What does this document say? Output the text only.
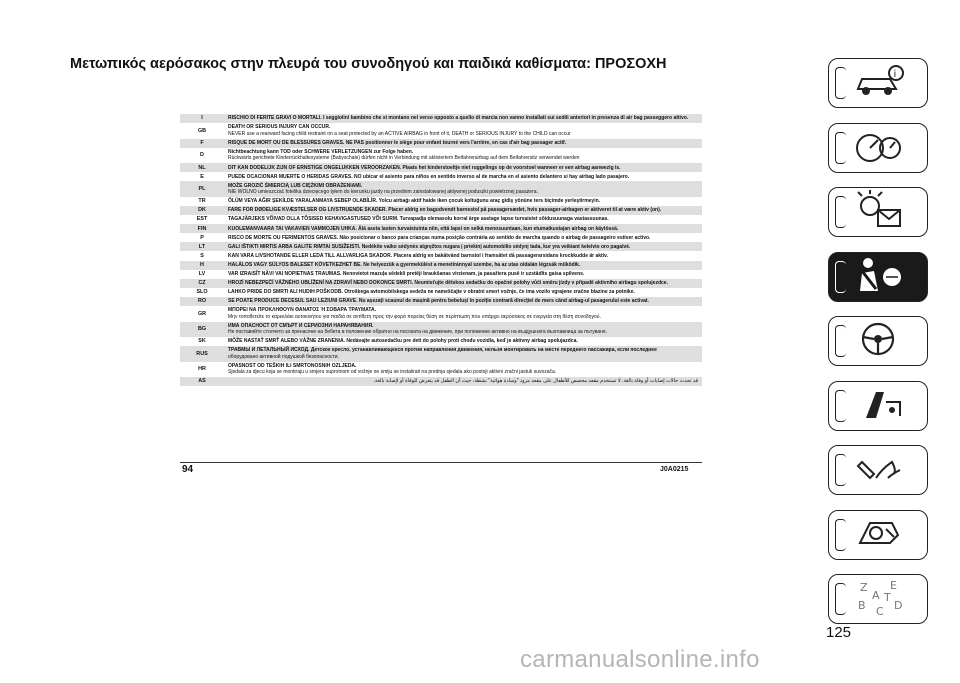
Μετωπικός αερόσακος στην πλευρά του συνοδηγού και παιδικά καθίσματα: ΠΡΟΣΟΧΗ
I	RISCHIO DI FERITE GRAVI O MORTALI. I seggiolini bambino che si montano nel verso opposto a quello di marcia non vanno installati sui sedili anteriori in presenza di air bag passeggero attivo.

GB	DEATH OR SERIOUS INJURY CAN OCCUR.
NEVER use a rearward facing child restraint on a seat protected by an ACTIVE AIRBAG in front of it, DEATH or SERIOUS INJURY to the CHILD can occur

F	RISQUE DE MORT OU DE BLESSURES GRAVES. NE PAS positionner le siège pour enfant tourné vers l'arrière, en cas d'air bag passager actif.

D	Nichtbeachtung kann TOD oder SCHWERE VERLETZUNGEN zur Folge haben.
Rückwärts gerichtete Kinderrückhaltesysteme (Babyschale) dürfen nicht in Verbindung mit aktiviertem Beifahrerairbag auf dem Beifahrersitz verwendet werden

NL	DIT KAN DODELIJK ZIJN OF ERNSTIGE ONGELUKKEN VEROORZAKEN. Plaats het kinderstoeltje niet ruggelings op de voorstoel wanneer er een airbag aanwezig is.

E	PUEDE OCACIONAR MUERTE O HERIDAS GRAVES. NO ubicar el asiento para niños en sentido inverso al de marcha en el asiento delantero si hay airbag lado pasajero.

PL	MOŻE GROZIĆ ŚMIERCIĄ LUB CIĘŻKIMI OBRAŻENIAMI.
NIE WOLNO umieszczać fotelika dziecięcego tyłem do kierunku jazdy na przednim zainstalowanej aktywnej poduszki powietrznej pasażera.

TR	ÖLÜM VEYA AĞIR ŞEKİLDE YARALANMAYA SEBEP OLABİLİR. Yolcu airbağı aktif halde iken çocuk koltuğunu araç gidiş yönüne ters biçimde yerleştirmeyin.

DK	FARE FOR DØDELIGE KVÆSTELSER OG LIVSTRUENDE SKADER. Placer aldrig en bagudvendt barnestol på passagersædet, hvis passager-airbagen er aktiveret til at være aktiv (on).

EST	TAGAJÄRJEKS VÕIVAD OLLA TÕSISED KEHAVIGASTUSED VÕI SURM. Turvapadja olemasolu korral ärge asetage lapse turvaistet sõidusuunaga vastassuunas.

FIN	KUOLEMANVAARA TAI VAKAVIEN VAMMOJEN UHKA. Älä aseta lasten turvaistuinta niin, että lapsi on selkä menosuuntaan, kun etumatkustajan airbag on käytössä.

P	RISCO DE MORTE OU FERIMENTOS GRAVES. Não posicionar o banco para crianças numa posição contrária ao sentido de marcha quando o airbag de passageiro estiver activo.

LT	GALI IŠTIKTI MIRTIS ARBA GALITE RIMTAI SUSIŽEISTI. Nedėkite vaiko sėdynės atgręžtos nugara į priekinį automobilio sėdynį tada, kur yra veikiant keleivio oro pagalvė.

S	KAN VARA LIVSHOTANDE ELLER LEDA TILL ALLVARLIGA SKADOR. Placera aldrig en bakåtvänd barnstol i framsätet då passagerarsidans krockkudde är aktiv.

H	HALÁLOS VAGY SÚLYOS BALESET KÖVETKEZHET BE. Ne helyezzük a gyermekülést a menetiránnyal szembe, ha az utas oldalán légzsák működik.

LV	VAR IZRAISĪT NĀVI VAI NOPIETNAS TRAUMAS. Nenovietot mazuļa sēdekli pretēji braukšanas virzienam, ja pasažiera pusē ir uzstādīts gaisa spilvens.

CZ	HROZÍ NEBEZPEČÍ VÁŽNÉHO UBLÍŽENÍ NA ZDRAVÍ NEBO DOKONCE SMRTI. Neumisťujte dětskou sedačku do opačné polohy vůči směru jízdy v případě aktivního airbagu spolujezdce.

SLO	LAHKO PRIDE DO SMRTI ALI HUDIH POŠKODB. Otroškega avtomobilskega sedeža ne nameščajte v obratni smeri vožnje, če ima vozilo vgrajene zračne blazine za potnike.

RO	SE POATE PRODUCE DECESUL SAU LEZIUNI GRAVE. Nu așezați scaunul de mașină pentru bebeluși în poziție contrară direcției de mers când airbag-ul pasagerului este activat.

GR	ΜΠΟΡΕΙ ΝΑ ΠΡΟΚΛΗΘΟΥΝ ΘΑΝΑΤΟΣ Ή ΣΟΒΑΡΑ ΤΡΑΥΜΑΤΑ.
Μην τοποθετείτε το καρεκλάκι αυτοκινήτου για παιδιά σε αντίθετη προς την φορά πορείας θέση σε περίπτωση που υπάρχει αερόσακος σε ενεργεία στη θέση συνοδηγού.

BG	ИМА ОПАСНОСТ ОТ СМЪРТ И СЕРИОЗНИ НАРАНЯВАНИЯ.
Не поставяйте столчето за пренасяне на бебета в положение обратно на посоката на движение, при положение активно на въздушната възглавница за пътуване.

SK	MÔŽE NASTAŤ SMRŤ ALEBO VÁŽNE ZRANENIA. Nedávajte autosedačku pre deti do polohy proti chodu vozidla, keď je aktívny airbag spolujazdca.

RUS	ТРАВМЫ И ЛЕТАЛЬНЫЙ ИСХОД. Детское кресло, устанавливающееся против направления движения, нельзя монтировать на месте переднего пассажира, если последнее
оборудовано активной подушкой безопасности.

HR	OPASNOST OD TEŠKIH ILI SMRTONOSNIH OZLJEDA.
Sjedala za djecu koja se montiraju u smjeru suprotnom od vožnje ne smiju se instalirati na prednja sjedala ako postoji aktivni zračni jastuk suvozača.

AS	قد تحدث حالات إصابات أو وفاة بالغة. لا تستخدم مقعد مخصص للأطفال على مقعد مزود "وسادة هوائية" نشطة، حيث أن الطفل قد يتعرض للوفاة أو لإصابة بالغة.
94	J0A0215
i
Z E
B C D
A T
125
carmanualsonline.info
